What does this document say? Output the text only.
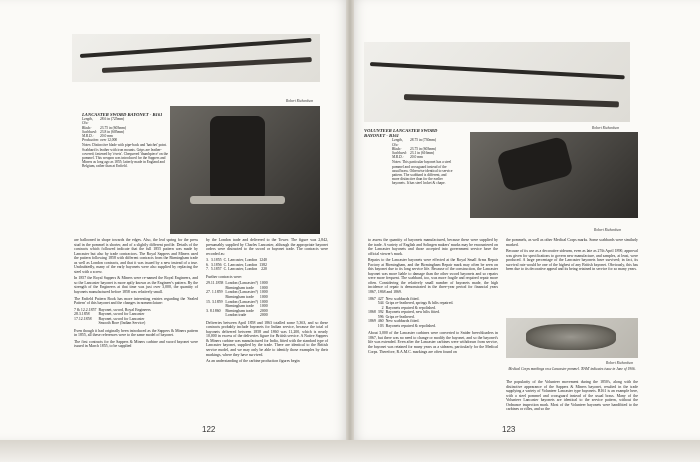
Robert Richardson
LANCASTER SWORD BAYONET - B161
Length, O/a:
28.6 in (725mm)
Blade:	23.75 in (603mm)
Scabbard: 23.8 in (605mm)
M.R.D.:	20.0 mm
Production: over 12,000
Notes: Distinctive blade with pipe-back and 'hatchet' point. Scabbard is leather with iron mounts. Grips are leather-covered; fastened by 'rivets'. Chequered 'thumbpiece' on the pommel. This weapon was introduced for the Sappers and Miners as long ago as 1855; latterly made in England and Belgium, rather than at Enfield.

are ballooned in shape towards the edges. Also, the leaf spring for the press stud in the pommel is shorter, and of a slightly different profile. Details of the contracts which followed indicate that the full 1855 pattern was made by Lancaster but also by trade contractors. The Royal Sappers and Miners used the pattern following 1858 with different contracts from the Birmingham trade as well as London contracts, and that it was issued by a new instead of a true. Undoubtedly, many of the early bayonets were also supplied by replacing the steel with a screw.

In 1857 the Royal Sappers & Miners were re-named the Royal Engineers, and so the Lancaster bayonet is more aptly known as the Engineer's pattern. By the strength of the Engineers at that time was just over 3,000, the quantity of bayonets manufactured before 1858 was relatively small.

The Enfield Pattern Book has more interesting entries regarding the 'Sealed Pattern' of this bayonet and the changes in nomenclature:

7 & 12.2.1857	Bayonet, sword, Royal Engineers
28.3.1858	Bayonet, sword for Lancaster
17.12.1858	Bayonet, sword for Lancaster
	Smooth Bore (Indian Service)

Even though it had originally been introduced as the Sappers & Miners pattern in 1855, all these references were to the same model of bayonet.

The first contracts for the Sappers & Miners carbine and sword bayonet were issued in March 1855, to be supplied

by the London trade and delivered to the Tower. The figure was 2,842, presumably supplied by Charles Lancaster, although the appropriate bayonet orders were distracted to the sword or bayonet trade. The contracts were recorded as:

3.	3.1855	C. Lancaster, London	1240
6.	3.1856	C. Lancaster, London	1382
7.	5.1857	C. Lancaster, London	220

Further contracts were:

29.11.1858	London (Lancaster?)	1000
	Birmingham trade	1000
27. 1.1859	London (Lancaster?)	1000
	Birmingham trade	1000
15. 3.1859	London (Lancaster?)	1000
	Birmingham trade	1000
3. 8.1860	Birmingham trade	2000
	London trade	2000

Deliveries between April 1858 and 1863 totalled some 5,363, and so these contracts probably include bayonets for Indian service, because the total of bayonets delivered between 1858 and 1860 was 11,200, which is nearly 10,000 in excess of the deliveries figure for British service. A Native Sappers & Miners carbine was manufactured for India, fitted with the standard type of Lancaster bayonet, supplied by the trade. There are identical to the British service model, and we may only be able to identify those examples by their markings, where they have survived.

As an understanding of the carbine production figures begin

122
Robert Richardson
VOLUNTEER LANCASTER SWORD BAYONET - B161
Length, O/a:
28.75 in (730mm)
Blade:	23.75 in (603mm)
Scabbard: 23.1 in (616mm)
M.R.D.:	20.0 mm
Notes: This particular bayonet has a steel pommel and crossguard instead of the usual brass. Otherwise identical to service pattern. The scabbard is different, and more distinctive than for the earlier bayonets. It has steel locket & chape.
Robert Richardson

to assess the quantity of bayonets manufactured, because these were supplied by the trade. A variety of English and Solingen makers' marks may be encountered on the Lancaster bayonets and those accepted into government service have the official viewer's mark.

Repairs to the Lancaster bayonets were effected at the Royal Small Arms Repair Factory at Birmingham, and the Birmingham Repair mark may often be seen on this bayonet due to its long service life. Because of the construction, the Lancaster bayonet was more liable to damage than the other sword bayonets and so repairs were more frequent. The scabbard, too, was more fragile and required repair more often. Considering the relatively small number of bayonets made, the high incidence of repair is demonstrated in the three-year period for financial years 1867, 1868 and 1869.

1867	427	New scabbards fitted.
	544	Grips re-leathered, springs & hilts repaired.
	2	Bayonets repaired & repolished.
1868	392	Bayonets repaired, new hilts fitted.
	596	Grips re-leathered.
1869	460	New scabbards fitted.
	103	Bayonets repaired & repolished.

About 3,000 of the Lancaster carbines were converted to Snider breechloaders in 1867, but there was no need to change or modify the bayonet, and so the bayonet's life was extended. Even after the Lancaster carbines were withdrawn from service, the bayonet was retained for many years as a sidearm, particularly for the Medical Corps. Therefore, R.A.M.C. markings are often found on

the pommels, as well as other Medical Corps marks. Some scabbards were similarly marked.

Because of its use as a decorative sidearm, even as late as 27th April 1890, approval was given for specifications to govern new manufacture, and samples, at least, were produced. A large percentage of the Lancaster bayonets have survived; in fact, its survival rate would be one of the highest of any British bayonet. Obviously, this has been due to its decorative appeal and its being retained in service for so many years.

Robert Richardson
Medical Corps markings on a Lancaster pommel. 'RAM' indicates issue in June of 1906.

The popularity of the Volunteer movement during the 1850's, along with the distinctive appearance of the Sappers & Miners bayonet, resulted in the trade supplying a variety of Volunteer Lancaster type bayonets. B161 is an example here, with a steel pommel and crossguard instead of the usual brass. Many of the Volunteer Lancaster bayonets are identical to the service pattern, without the Ordnance inspection mark. Most of the Volunteer bayonets were handfitted to the carbines or rifles, and so the

123
